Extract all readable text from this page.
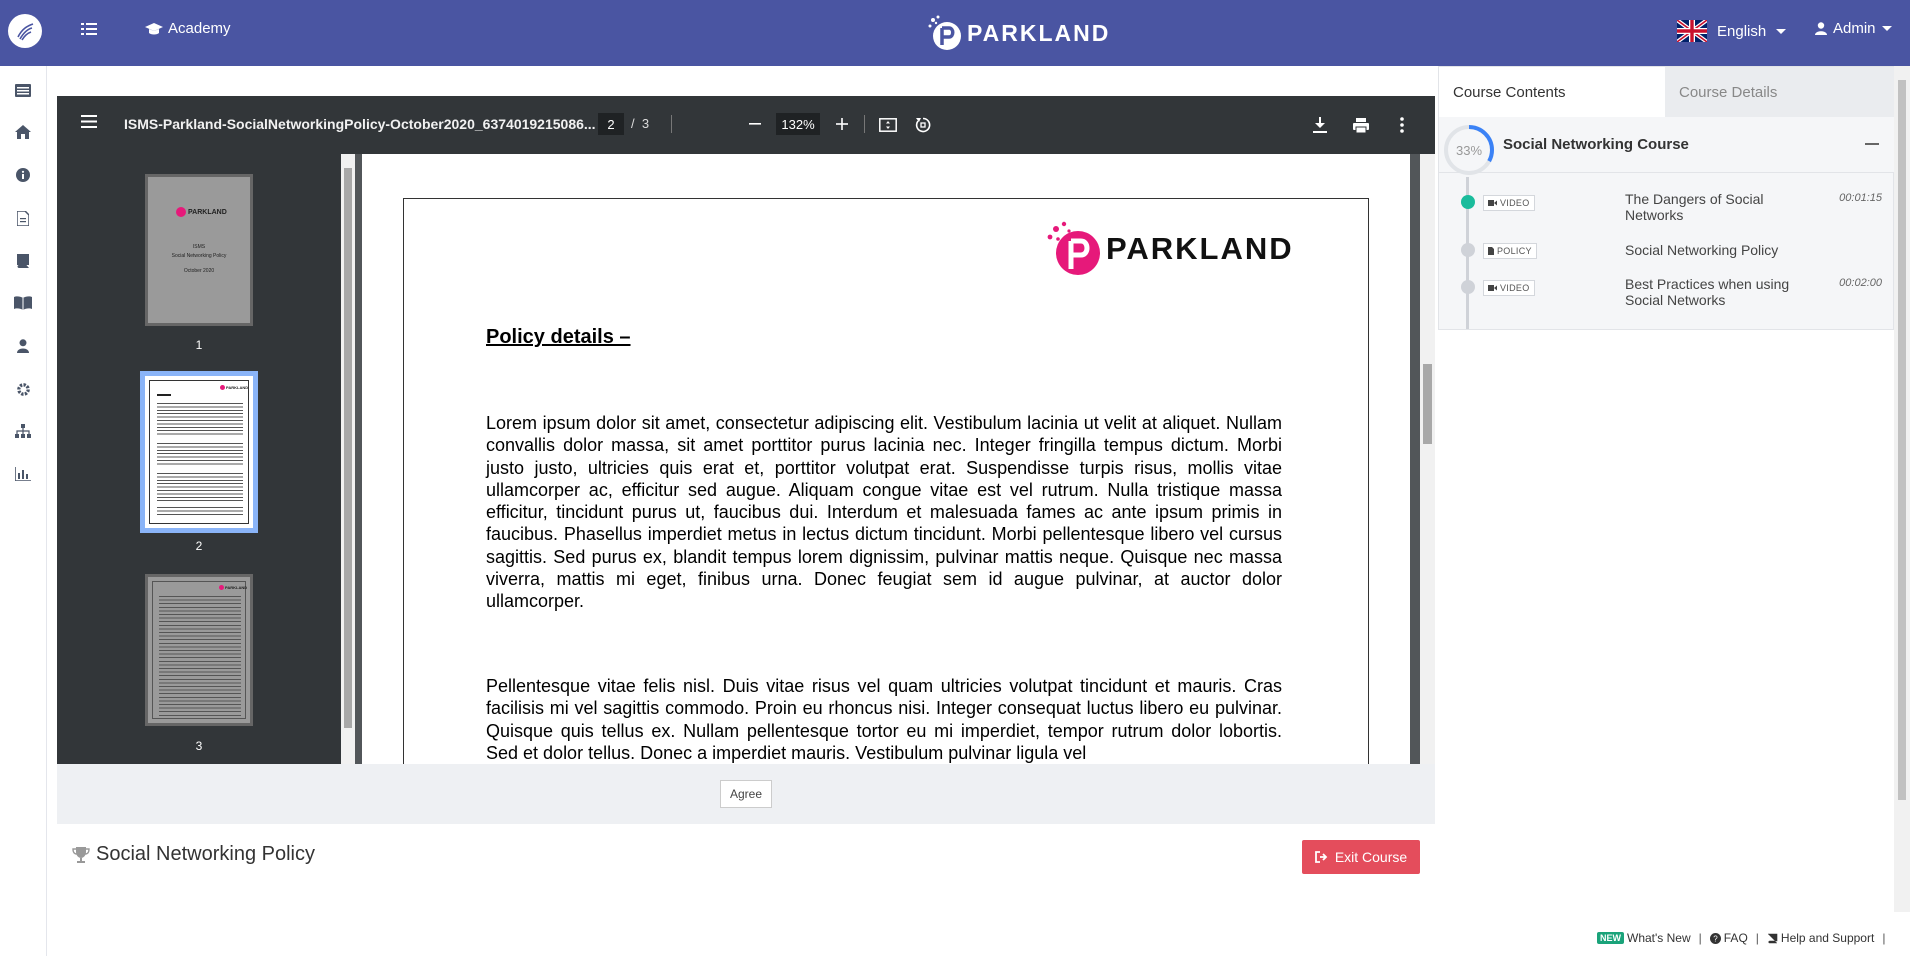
Academy	PARKLAND	English	Admin
ISMS-Parkland-SocialNetworkingPolicy-October2020_6374019215086... 2	/ 3	132%
PARKLAND
ISMS
Social Networking Policy
October 2020
1
PARKLAND
2
PARKLAND
3
PARKLAND
Policy details –
Lorem ipsum dolor sit amet, consectetur adipiscing elit. Vestibulum lacinia ut velit at aliquet. Nullam convallis dolor massa, sit amet porttitor purus lacinia nec. Integer fringilla tempus dictum. Morbi justo justo, ultricies quis erat et, porttitor volutpat erat. Suspendisse turpis risus, mollis vitae ullamcorper ac, efficitur sed augue. Aliquam congue vitae est vel rutrum. Nulla tristique massa efficitur, tincidunt purus ut, faucibus dui. Interdum et malesuada fames ac ante ipsum primis in faucibus. Phasellus imperdiet metus in lectus dictum tincidunt. Morbi pellentesque libero vel cursus sagittis. Sed purus ex, blandit tempus lorem dignissim, pulvinar mattis neque. Quisque nec massa viverra, mattis mi eget, finibus urna. Donec feugiat sem id augue pulvinar, at auctor dolor ullamcorper.
Pellentesque vitae felis nisl. Duis vitae risus vel quam ultricies volutpat tincidunt et mauris. Cras facilisis mi vel sagittis commodo. Proin eu rhoncus nisi. Integer consequat luctus libero eu pulvinar. Quisque quis tellus ex. Nullam pellentesque tortor eu mi imperdiet, tempor rutrum dolor lobortis. Sed et dolor tellus. Donec a imperdiet mauris. Vestibulum pulvinar ligula vel
Agree
Social Networking Policy	Exit Course
Course Contents	Course Details
33%	Social Networking Course
VIDEO	The Dangers of Social Networks
00:01:15
POLICY	Social Networking Policy
VIDEO	Best Practices when using Social Networks
00:02:00
NEW What's New | ? FAQ | Help and Support |
